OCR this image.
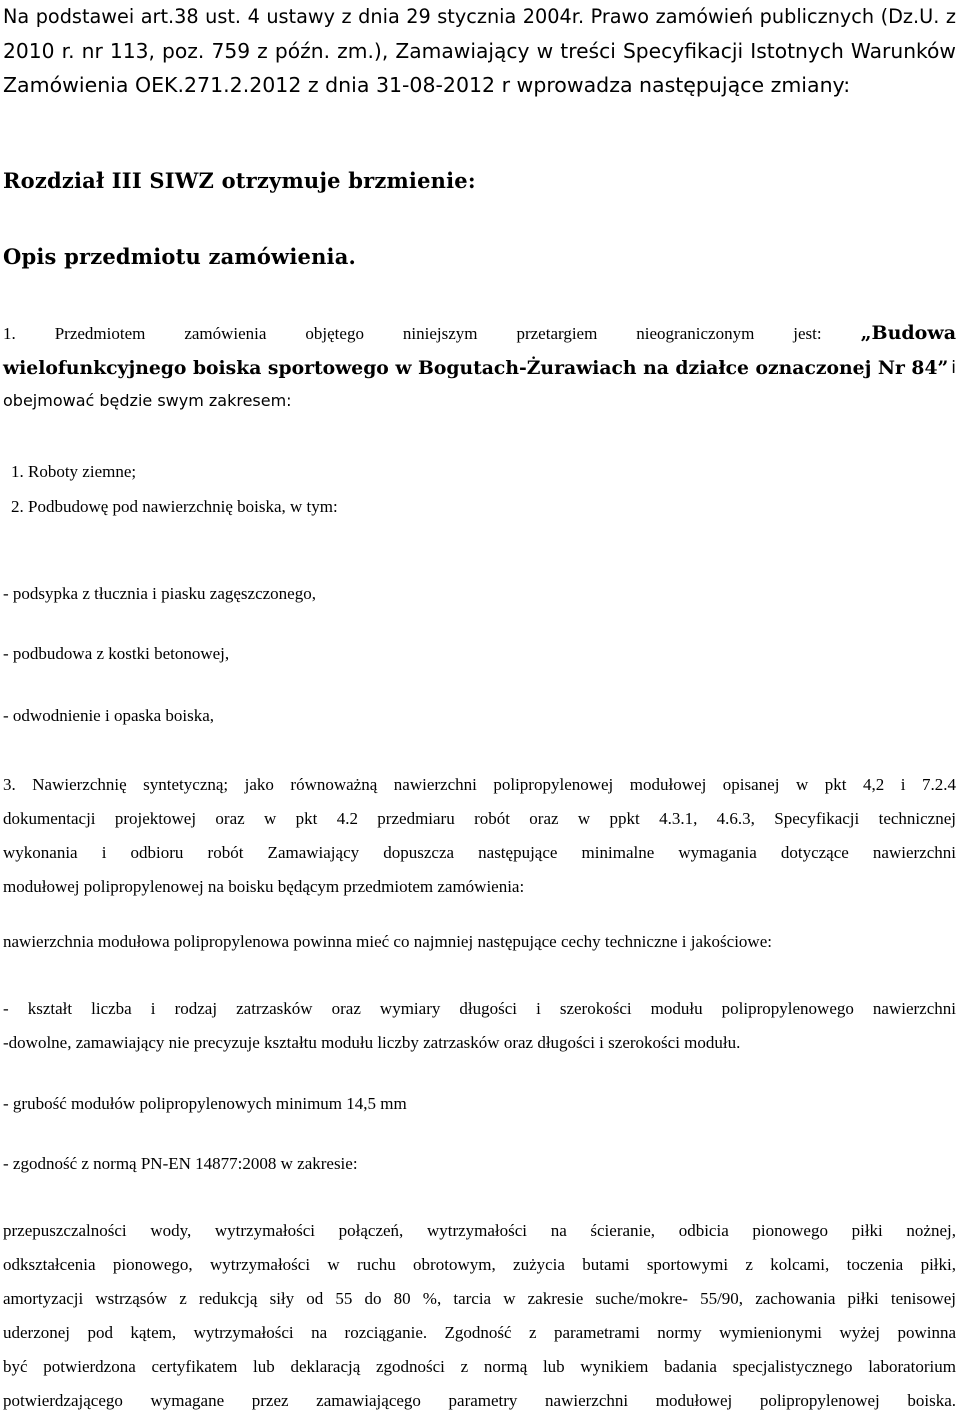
Na podstawei art.38 ust. 4 ustawy z dnia 29 stycznia 2004r. Prawo zamówień publicznych (Dz.U. z
2010 r. nr 113, poz. 759 z późn. zm.), Zamawiający w treści Specyfikacji Istotnych Warunków
Zamówienia OEK.271.2.2012 z dnia 31-08-2012 r wprowadza następujące zmiany:
Rozdział III SIWZ otrzymuje brzmienie:
Opis przedmiotu zamówienia.
1. Przedmiotem zamówienia objętego niniejszym przetargiem nieograniczonym jest: „Budowa
wielofunkcyjnego boiska sportowego w Bogutach-Żurawiach na działce oznaczonej Nr 84” i
obejmować będzie swym zakresem:
1. Roboty ziemne;
2. Podbudowę pod nawierzchnię boiska, w tym:
- podsypka z tłucznia i piasku zagęszczonego,
- podbudowa z kostki betonowej,
- odwodnienie i opaska boiska,
3. Nawierzchnię syntetyczną; jako równoważną nawierzchni polipropylenowej modułowej opisanej w pkt 4,2 i 7.2.4
dokumentacji projektowej oraz w pkt 4.2 przedmiaru robót oraz w ppkt 4.3.1, 4.6.3, Specyfikacji technicznej
wykonania i odbioru robót Zamawiający dopuszcza następujące minimalne wymagania dotyczące nawierzchni
modułowej polipropylenowej na boisku będącym przedmiotem zamówienia:
nawierzchnia modułowa polipropylenowa powinna mieć co najmniej następujące cechy techniczne i jakościowe:
- kształt liczba i rodzaj zatrzasków oraz wymiary długości i szerokości modułu polipropylenowego nawierzchni
-dowolne, zamawiający nie precyzuje kształtu modułu liczby zatrzasków oraz długości i szerokości modułu.
- grubość modułów polipropylenowych minimum 14,5 mm
- zgodność z normą PN-EN 14877:2008 w zakresie:
przepuszczalności wody, wytrzymałości połączeń, wytrzymałości na ścieranie, odbicia pionowego piłki nożnej,
odkształcenia pionowego, wytrzymałości w ruchu obrotowym, zużycia butami sportowymi z kolcami, toczenia piłki,
amortyzacji wstrząsów z redukcją siły od 55 do 80 %, tarcia w zakresie suche/mokre- 55/90, zachowania piłki tenisowej
uderzonej pod kątem, wytrzymałości na rozciąganie. Zgodność z parametrami normy wymienionymi wyżej powinna
być potwierdzona certyfikatem lub deklaracją zgodności z normą lub wynikiem badania specjalistycznego laboratorium
potwierdzającego wymagane przez zamawiającego parametry nawierzchni modułowej polipropylenowej boiska.
